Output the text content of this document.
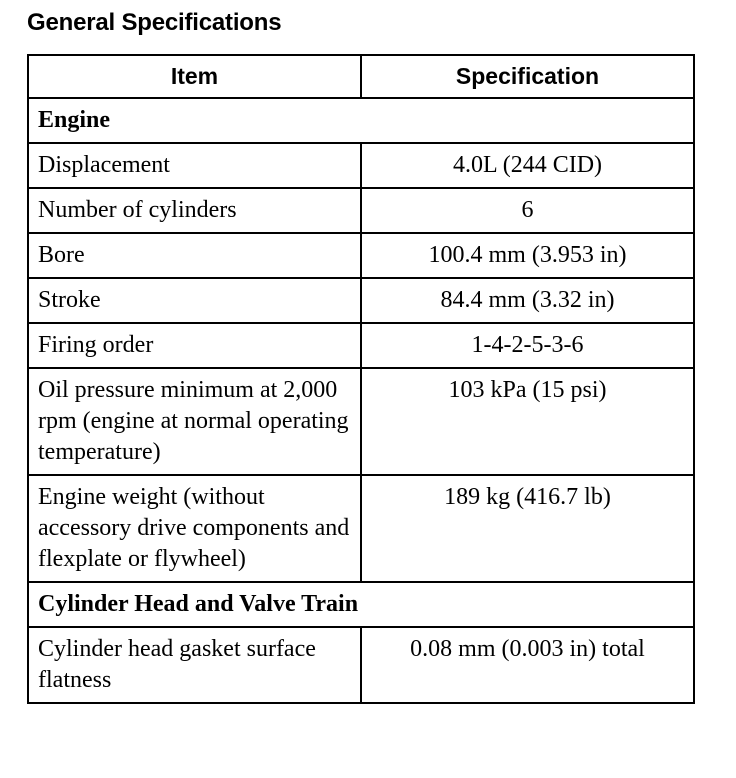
General Specifications
Item	Specification
Engine	
Displacement	4.0L (244 CID)
Number of cylinders	6
Bore	100.4 mm (3.953 in)
Stroke	84.4 mm (3.32 in)
Firing order	1-4-2-5-3-6
Oil pressure minimum at 2,000 rpm (engine at normal operating temperature)	103 kPa (15 psi)
Engine weight (without accessory drive components and flexplate or flywheel)	189 kg (416.7 lb)
Cylinder Head and Valve Train	
Cylinder head gasket surface flatness	0.08 mm (0.003 in) total
